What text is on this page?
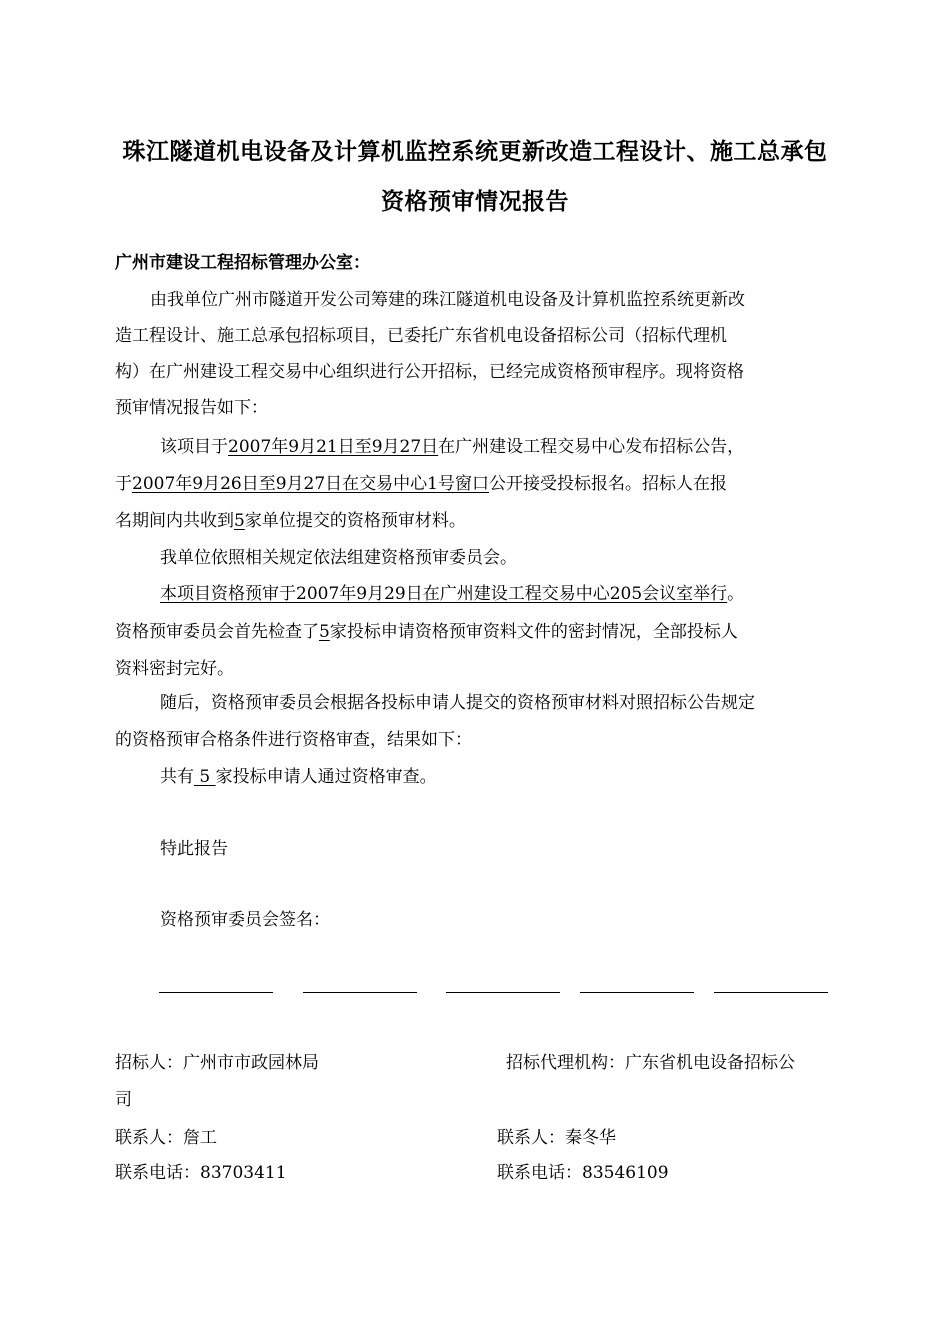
珠江隧道机电设备及计算机监控系统更新改造工程设计、施工总承包
资格预审情况报告
广州市建设工程招标管理办公室：
由我单位广州市隧道开发公司筹建的珠江隧道机电设备及计算机监控系统更新改
造工程设计、施工总承包招标项目，已委托广东省机电设备招标公司（招标代理机
构）在广州建设工程交易中心组织进行公开招标，已经完成资格预审程序。现将资格
预审情况报告如下：
该项目于2007年9月21日至9月27日在广州建设工程交易中心发布招标公告，
于2007年9月26日至9月27日在交易中心1号窗口公开接受投标报名。招标人在报
名期间内共收到5家单位提交的资格预审材料。
我单位依照相关规定依法组建资格预审委员会。
本项目资格预审于2007年9月29日在广州建设工程交易中心205会议室举行。
资格预审委员会首先检查了5家投标申请资格预审资料文件的密封情况，全部投标人
资料密封完好。
随后，资格预审委员会根据各投标申请人提交的资格预审材料对照招标公告规定
的资格预审合格条件进行资格审查，结果如下：
共有 5 家投标申请人通过资格审查。
特此报告
资格预审委员会签名：
招标人：广州市市政园林局	招标代理机构：广东省机电设备招标公
司
联系人：詹工	联系人：秦冬华
联系电话：83703411	联系电话：83546109
